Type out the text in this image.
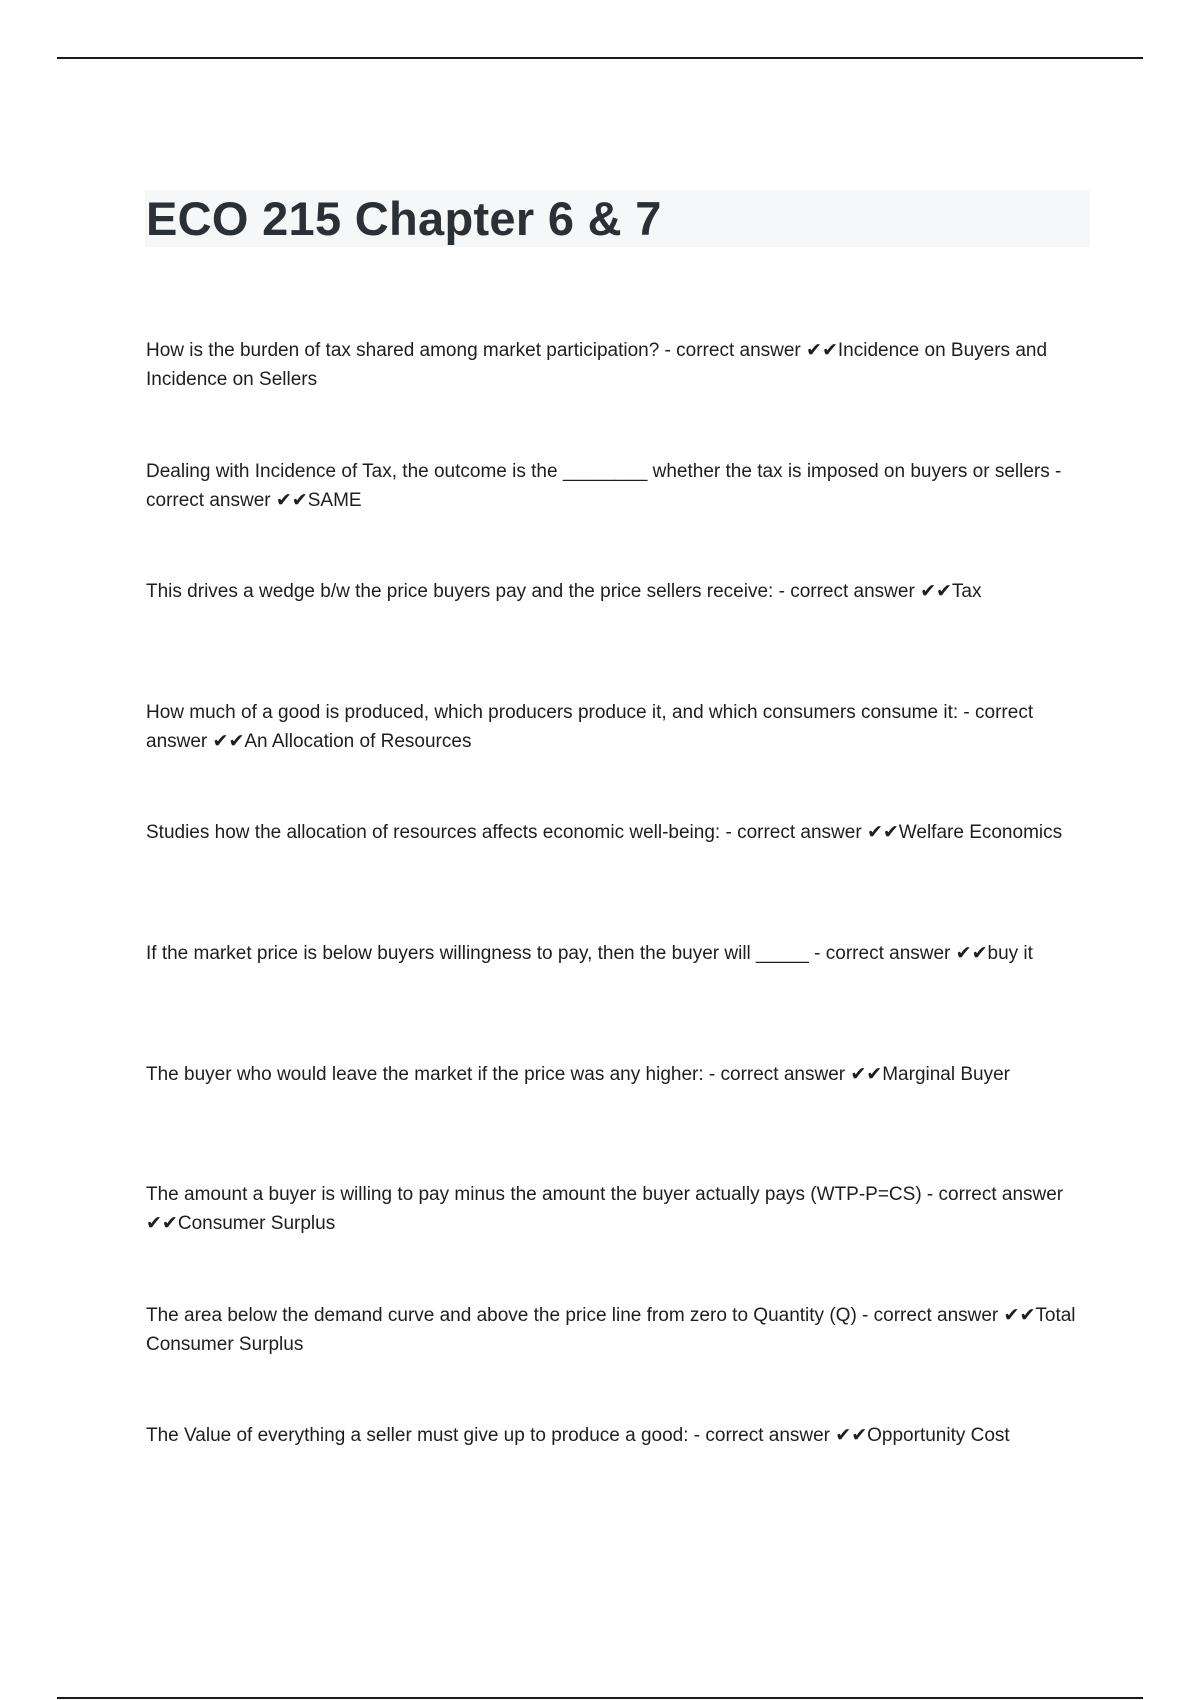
ECO 215 Chapter 6 & 7
How is the burden of tax shared among market participation? - correct answer ✔✔Incidence on Buyers and Incidence on Sellers
Dealing with Incidence of Tax, the outcome is the ________ whether the tax is imposed on buyers or sellers - correct answer ✔✔SAME
This drives a wedge b/w the price buyers pay and the price sellers receive: - correct answer ✔✔Tax
How much of a good is produced, which producers produce it, and which consumers consume it: - correct answer ✔✔An Allocation of Resources
Studies how the allocation of resources affects economic well-being: - correct answer ✔✔Welfare Economics
If the market price is below buyers willingness to pay, then the buyer will _____ - correct answer ✔✔buy it
The buyer who would leave the market if the price was any higher: - correct answer ✔✔Marginal Buyer
The amount a buyer is willing to pay minus the amount the buyer actually pays (WTP-P=CS) - correct answer ✔✔Consumer Surplus
The area below the demand curve and above the price line from zero to Quantity (Q) - correct answer ✔✔Total Consumer Surplus
The Value of everything a seller must give up to produce a good: - correct answer ✔✔Opportunity Cost
